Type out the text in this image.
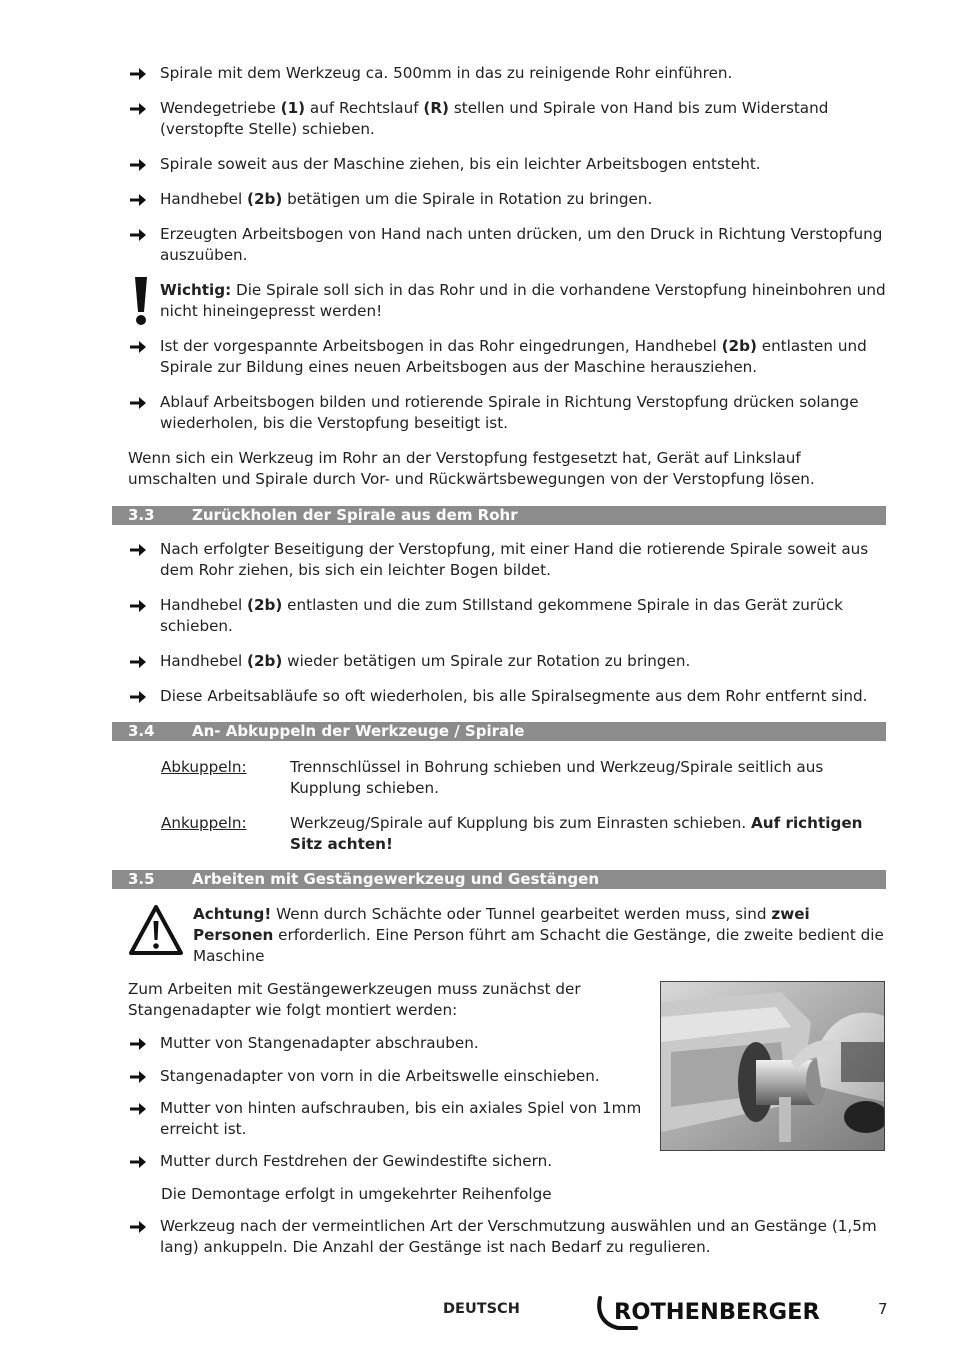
Spirale mit dem Werkzeug ca. 500mm in das zu reinigende Rohr einführen.
Wendegetriebe (1) auf Rechtslauf (R) stellen und Spirale von Hand bis zum Widerstand (verstopfte Stelle) schieben.
Spirale soweit aus der Maschine ziehen, bis ein leichter Arbeitsbogen entsteht.
Handhebel (2b) betätigen um die Spirale in Rotation zu bringen.
Erzeugten Arbeitsbogen von Hand nach unten drücken, um den Druck in Richtung Verstopfung auszuüben.
Wichtig: Die Spirale soll sich in das Rohr und in die vorhandene Verstopfung hineinbohren und nicht hineingepresst werden!
Ist der vorgespannte Arbeitsbogen in das Rohr eingedrungen, Handhebel (2b) entlasten und Spirale zur Bildung eines neuen Arbeitsbogen aus der Maschine herausziehen.
Ablauf Arbeitsbogen bilden und rotierende Spirale in Richtung Verstopfung drücken solange wiederholen, bis die Verstopfung beseitigt ist.
Wenn sich ein Werkzeug im Rohr an der Verstopfung festgesetzt hat, Gerät auf Linkslauf umschalten und Spirale durch Vor- und Rückwärtsbewegungen von der Verstopfung lösen.
3.3 Zurückholen der Spirale aus dem Rohr
Nach erfolgter Beseitigung der Verstopfung, mit einer Hand die rotierende Spirale soweit aus dem Rohr ziehen, bis sich ein leichter Bogen bildet.
Handhebel (2b) entlasten und die zum Stillstand gekommene Spirale in das Gerät zurück schieben.
Handhebel (2b) wieder betätigen um Spirale zur Rotation zu bringen.
Diese Arbeitsabläufe so oft wiederholen, bis alle Spiralsegmente aus dem Rohr entfernt sind.
3.4 An- Abkuppeln der Werkzeuge / Spirale
Abkuppeln:	Trennschlüssel in Bohrung schieben und Werkzeug/Spirale seitlich aus Kupplung schieben.
Ankuppeln:	Werkzeug/Spirale auf Kupplung bis zum Einrasten schieben. Auf richtigen Sitz achten!
3.5 Arbeiten mit Gestängewerkzeug und Gestängen
Achtung! Wenn durch Schächte oder Tunnel gearbeitet werden muss, sind zwei Personen erforderlich. Eine Person führt am Schacht die Gestänge, die zweite bedient die Maschine
Zum Arbeiten mit Gestängewerkzeugen muss zunächst der Stangenadapter wie folgt montiert werden:
Mutter von Stangenadapter abschrauben.
Stangenadapter von vorn in die Arbeitswelle einschieben.
Mutter von hinten aufschrauben, bis ein axiales Spiel von 1mm erreicht ist.
Mutter durch Festdrehen der Gewindestifte sichern.
Die Demontage erfolgt in umgekehrter Reihenfolge
Werkzeug nach der vermeintlichen Art der Verschmutzung auswählen und an Gestänge (1,5m lang) ankuppeln. Die Anzahl der Gestänge ist nach Bedarf zu regulieren.
DEUTSCH	ROTHENBERGER	7
